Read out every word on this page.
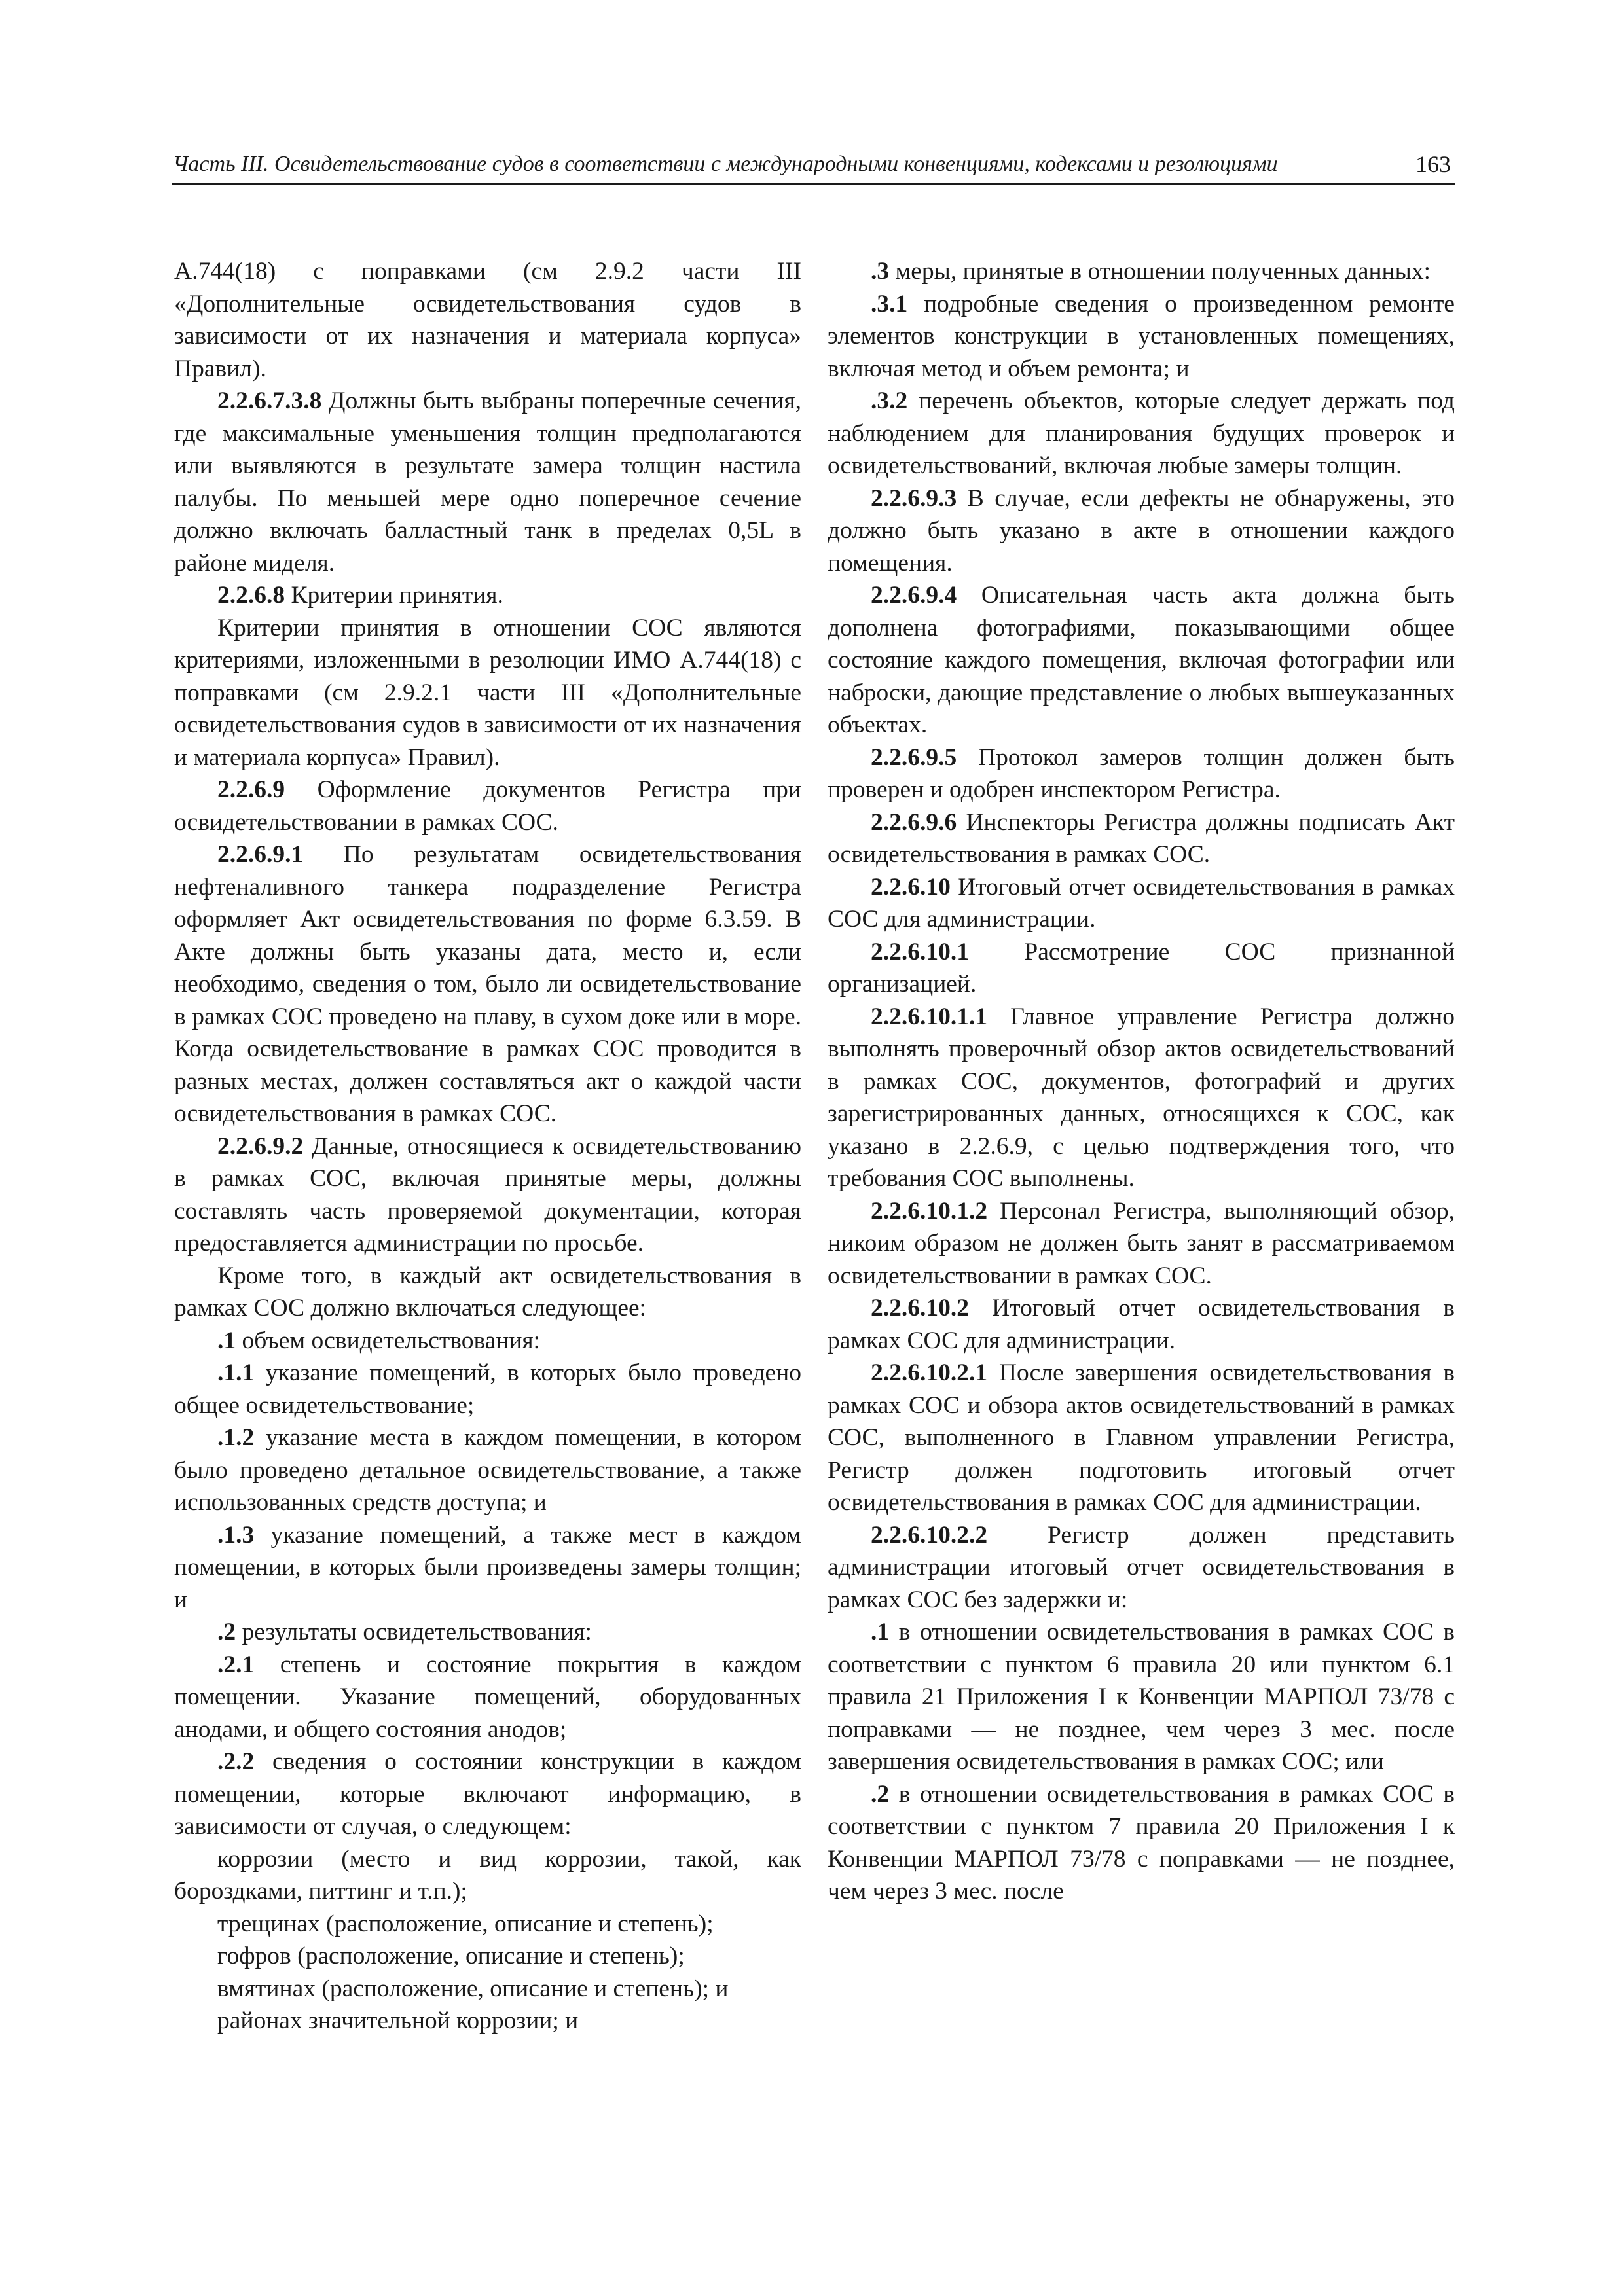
Часть III. Освидетельствование судов в соответствии с международными конвенциями, кодексами и резолюциями	163

A.744(18) с поправками (см 2.9.2 части III «Дополнительные освидетельствования судов в зависимости от их назначения и материала корпуса» Правил).

2.2.6.7.3.8 Должны быть выбраны поперечные сечения, где максимальные уменьшения толщин предполагаются или выявляются в результате замера толщин настила палубы. По меньшей мере одно поперечное сечение должно включать балластный танк в пределах 0,5L в районе миделя.

2.2.6.8 Критерии принятия.

Критерии принятия в отношении СОС являются критериями, изложенными в резолюции ИМО A.744(18) с поправками (см 2.9.2.1 части III «Дополнительные освидетельствования судов в зависимости от их назначения и материала корпуса» Правил).

2.2.6.9 Оформление документов Регистра при освидетельствовании в рамках СОС.

2.2.6.9.1 По результатам освидетельствования нефтеналивного танкера подразделение Регистра оформляет Акт освидетельствования по форме 6.3.59. В Акте должны быть указаны дата, место и, если необходимо, сведения о том, было ли освидетельствование в рамках СОС проведено на плаву, в сухом доке или в море. Когда освидетельствование в рамках СОС проводится в разных местах, должен составляться акт о каждой части освидетельствования в рамках СОС.

2.2.6.9.2 Данные, относящиеся к освидетельствованию в рамках СОС, включая принятые меры, должны составлять часть проверяемой документации, которая предоставляется администрации по просьбе.

Кроме того, в каждый акт освидетельствования в рамках СОС должно включаться следующее:

.1 объем освидетельствования:

.1.1 указание помещений, в которых было проведено общее освидетельствование;

.1.2 указание места в каждом помещении, в котором было проведено детальное освидетельствование, а также использованных средств доступа; и

.1.3 указание помещений, а также мест в каждом помещении, в которых были произведены замеры толщин; и

.2 результаты освидетельствования:

.2.1 степень и состояние покрытия в каждом помещении. Указание помещений, оборудованных анодами, и общего состояния анодов;

.2.2 сведения о состоянии конструкции в каждом помещении, которые включают информацию, в зависимости от случая, о следующем:

коррозии (место и вид коррозии, такой, как бороздками, питтинг и т.п.);

трещинах (расположение, описание и степень);

гофров (расположение, описание и степень);

вмятинах (расположение, описание и степень); и районах значительной коррозии; и

.3 меры, принятые в отношении полученных данных:

.3.1 подробные сведения о произведенном ремонте элементов конструкции в установленных помещениях, включая метод и объем ремонта; и

.3.2 перечень объектов, которые следует держать под наблюдением для планирования будущих проверок и освидетельствований, включая любые замеры толщин.

2.2.6.9.3 В случае, если дефекты не обнаружены, это должно быть указано в акте в отношении каждого помещения.

2.2.6.9.4 Описательная часть акта должна быть дополнена фотографиями, показывающими общее состояние каждого помещения, включая фотографии или наброски, дающие представление о любых вышеуказанных объектах.

2.2.6.9.5 Протокол замеров толщин должен быть проверен и одобрен инспектором Регистра.

2.2.6.9.6 Инспекторы Регистра должны подписать Акт освидетельствования в рамках СОС.

2.2.6.10 Итоговый отчет освидетельствования в рамках СОС для администрации.

2.2.6.10.1 Рассмотрение СОС признанной организацией.

2.2.6.10.1.1 Главное управление Регистра должно выполнять проверочный обзор актов освидетельствований в рамках СОС, документов, фотографий и других зарегистрированных данных, относящихся к СОС, как указано в 2.2.6.9, с целью подтверждения того, что требования СОС выполнены.

2.2.6.10.1.2 Персонал Регистра, выполняющий обзор, никоим образом не должен быть занят в рассматриваемом освидетельствовании в рамках СОС.

2.2.6.10.2 Итоговый отчет освидетельствования в рамках СОС для администрации.

2.2.6.10.2.1 После завершения освидетельствования в рамках СОС и обзора актов освидетельствований в рамках СОС, выполненного в Главном управлении Регистра, Регистр должен подготовить итоговый отчет освидетельствования в рамках СОС для администрации.

2.2.6.10.2.2 Регистр должен представить администрации итоговый отчет освидетельствования в рамках СОС без задержки и:

.1 в отношении освидетельствования в рамках СОС в соответствии с пунктом 6 правила 20 или пунктом 6.1 правила 21 Приложения I к Конвенции МАРПОЛ 73/78 с поправками — не позднее, чем через 3 мес. после завершения освидетельствования в рамках СОС; или

.2 в отношении освидетельствования в рамках СОС в соответствии с пунктом 7 правила 20 Приложения I к Конвенции МАРПОЛ 73/78 с поправками — не позднее, чем через 3 мес. после
